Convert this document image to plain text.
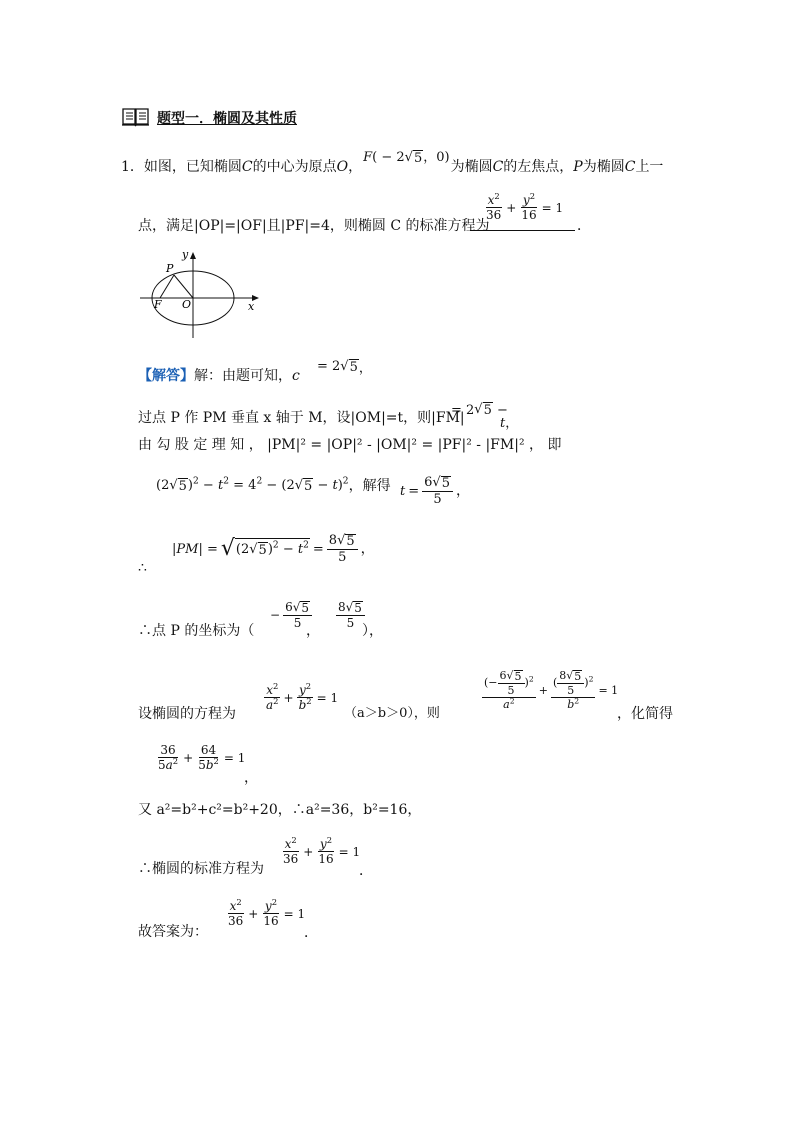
题型一．椭圆及其性质
1． 如图，已知椭圆 C 的中心为原点 O ，
F( − 2 √ 5 ，0)
为椭圆 C 的左焦点， P 为椭圆 C 上一
点，满足|OP|=|OF|且|PF|=4，则椭圆 C 的标准方程为
$\frac{x^2}{36} + \frac{y^2}{16} = 1$
．
y
x
P
F O
【解答】 解：由题可知， c
= 2 √ 5 ，
过点 P 作 PM 垂直 x 轴于 M，设|OM|=t，则|FM|
= 2 √ 5 −
t，
由 勾 股 定 理 知 ， |PM|² = |OP|² - |OM|² = |PF|² - |FM|² ， 即
(2 √ 5 )$^2 - t^2 = 4^2 - (2$ √ 5 − t)$^2$ ，解得 $t = \frac{6 √ 5}{5}$ ，
∴
|PM| = √ (2 √ 5 )$^2 - t^2 = \frac{8 √ 5}{5}$ ，
∴点 P 的坐标为（
− $\frac{6 √ 5}{5}$
，
$\frac{8 √ 5}{5}$
），
设椭圆的方程为
$\frac{x^2}{a^2} + \frac{y^2}{b^2} = 1$
（a＞b＞0），则
$\frac{(- \frac{6 √ 5}{5} )^2}{a^2} + \frac{( \frac{8 √ 5}{5} )^2}{b^2} = 1$
，化简得
$\frac{36}{5a^2} + \frac{64}{5b^2} = 1$
，
又 a²=b²+c²=b²+20，∴a²=36，b²=16，
∴椭圆的标准方程为
$\frac{x^2}{36} + \frac{y^2}{16} = 1$
．
故答案为：
$\frac{x^2}{36} + \frac{y^2}{16} = 1$
．
